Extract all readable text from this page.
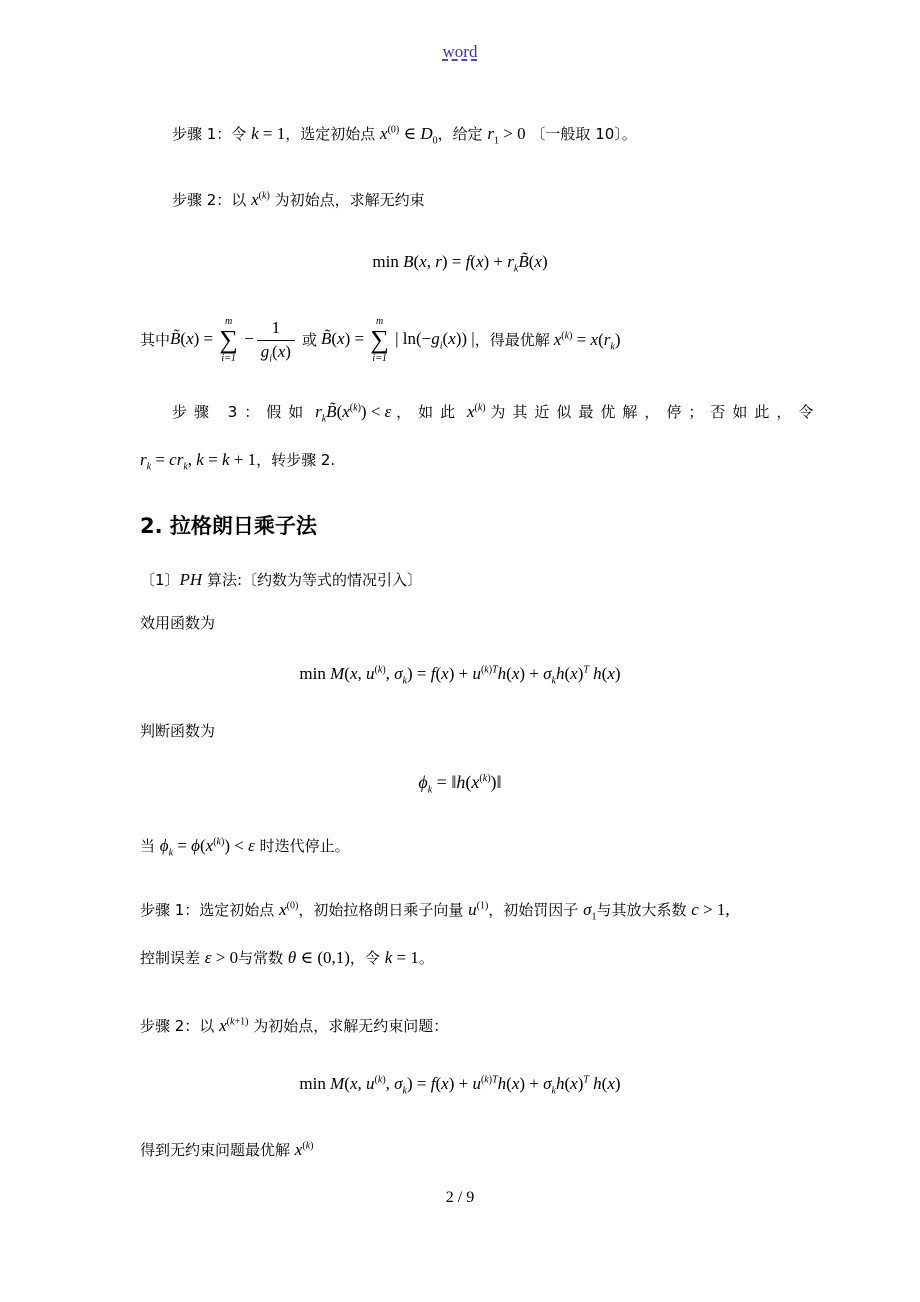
word
步骤 1：令 k = 1，选定初始点 $x^{(0)}$ ∈ $D_0$，给定 $r_1 > 0$ 〔一般取 10〕。
步骤 2：以 $x^{(k)}$ 为初始点，求解无约束
min B(x, $r) = f(x) + r_kB̃(x)$
其中 B̃(x) =
m
∑
i=1
− $\frac{1}{g_i(x)}$ 或 B̃(x) =
m
∑
i=1
| $\ln(-g_i(x))$ | ，得最优解 $x^{(k)} = x(r_k)$
步骤 3：假如 $r_kB̃(x^{(k)}) < \varepsilon$ ，如此 $x^{(k)}$ 为其近似最优解，停；否如此，令
$r_k = cr_k$, k = k + 1，转步骤 2.
2. 拉格朗日乘子法
〔1〕PH 算法:〔约数为等式的情况引入〕
效用函数为
min M(x, $u^{(k)}$, $\sigma_k) = f(x) + u^{(k)T}h(x) + \sigma_kh(x)^T$ h(x)
判断函数为
$\phi_k$ = $‖h(x^{(k)})‖$
当 $\phi_k = \phi(x^{(k)}) < \varepsilon$ 时迭代停止。
步骤 1：选定初始点 $x^{(0)}$，初始拉格朗日乘子向量 $u^{(1)}$，初始罚因子 $\sigma_1$与其放大系数 c > 1,
控制误差 ε > 0与常数 θ ∈ (0,1)，令 k = 1。
步骤 2：以 $x^{(k+1)}$ 为初始点，求解无约束问题：
min M(x, $u^{(k)}$, $\sigma_k) = f(x) + u^{(k)T}h(x) + \sigma_kh(x)^T$ h(x)
得到无约束问题最优解 $x^{(k)}$
2 / 9
